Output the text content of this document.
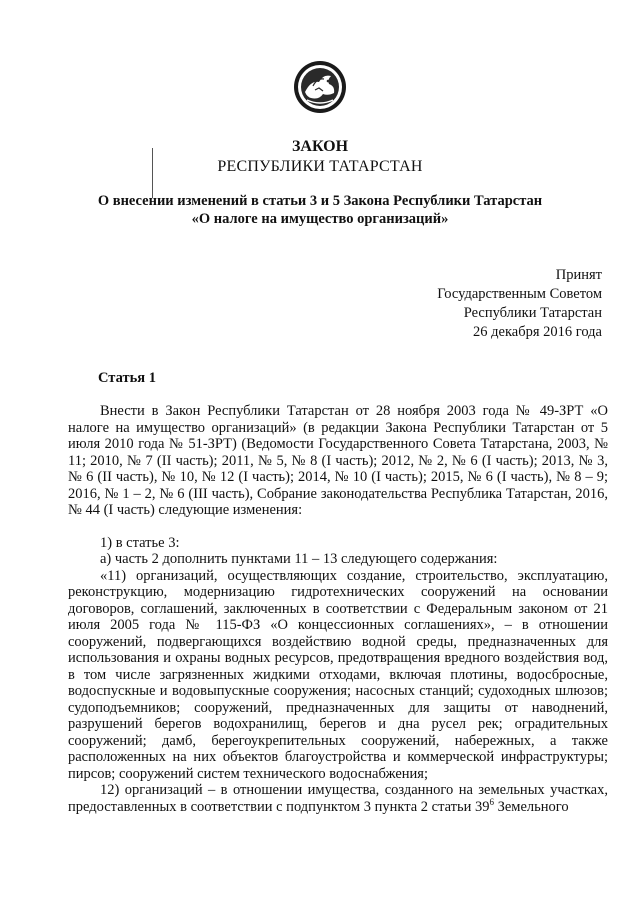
ЗАКОН
РЕСПУБЛИКИ ТАТАРСТАН
О внесении изменений в статьи 3 и 5 Закона Республики Татарстан
«О налоге на имущество организаций»
Принят
Государственным Советом
Республики Татарстан
26 декабря 2016 года
Статья 1

Внести в Закон Республики Татарстан от 28 ноября 2003 года № 49-ЗРТ «О налоге на имущество организаций» (в редакции Закона Республики Татарстан от 5 июля 2010 года № 51-ЗРТ) (Ведомости Государственного Совета Татарстана, 2003, № 11; 2010, № 7 (II часть); 2011, № 5, № 8 (I часть); 2012, № 2, № 6 (I часть); 2013, № 3, № 6 (II часть), № 10, № 12 (I часть); 2014, № 10 (I часть); 2015, № 6 (I часть), № 8 – 9; 2016, № 1 – 2, № 6 (III часть), Собрание законодательства Республика Татарстан, 2016, № 44 (I часть) следующие изменения:

1) в статье 3:

а) часть 2 дополнить пунктами 11 – 13 следующего содержания:

«11) организаций, осуществляющих создание, строительство, эксплуатацию, реконструкцию, модернизацию гидротехнических сооружений на основании договоров, соглашений, заключенных в соответствии с Федеральным законом от 21 июля 2005 года № 115-ФЗ «О концессионных соглашениях», – в отношении сооружений, подвергающихся воздействию водной среды, предназначенных для использования и охраны водных ресурсов, предотвращения вредного воздействия вод, в том числе загрязненных жидкими отходами, включая плотины, водосбросные, водоспускные и водовыпускные сооружения; насосных станций; судоходных шлюзов; судоподъемников; сооружений, предназначенных для защиты от наводнений, разрушений берегов водохранилищ, берегов и дна русел рек; оградительных сооружений; дамб, берегоукрепительных сооружений, набережных, а также расположенных на них объектов благоустройства и коммерческой инфраструктуры; пирсов; сооружений систем технического водоснабжения;

12) организаций – в отношении имущества, созданного на земельных участках, предоставленных в соответствии с подпунктом 3 пункта 2 статьи $39^6$ Земельного
